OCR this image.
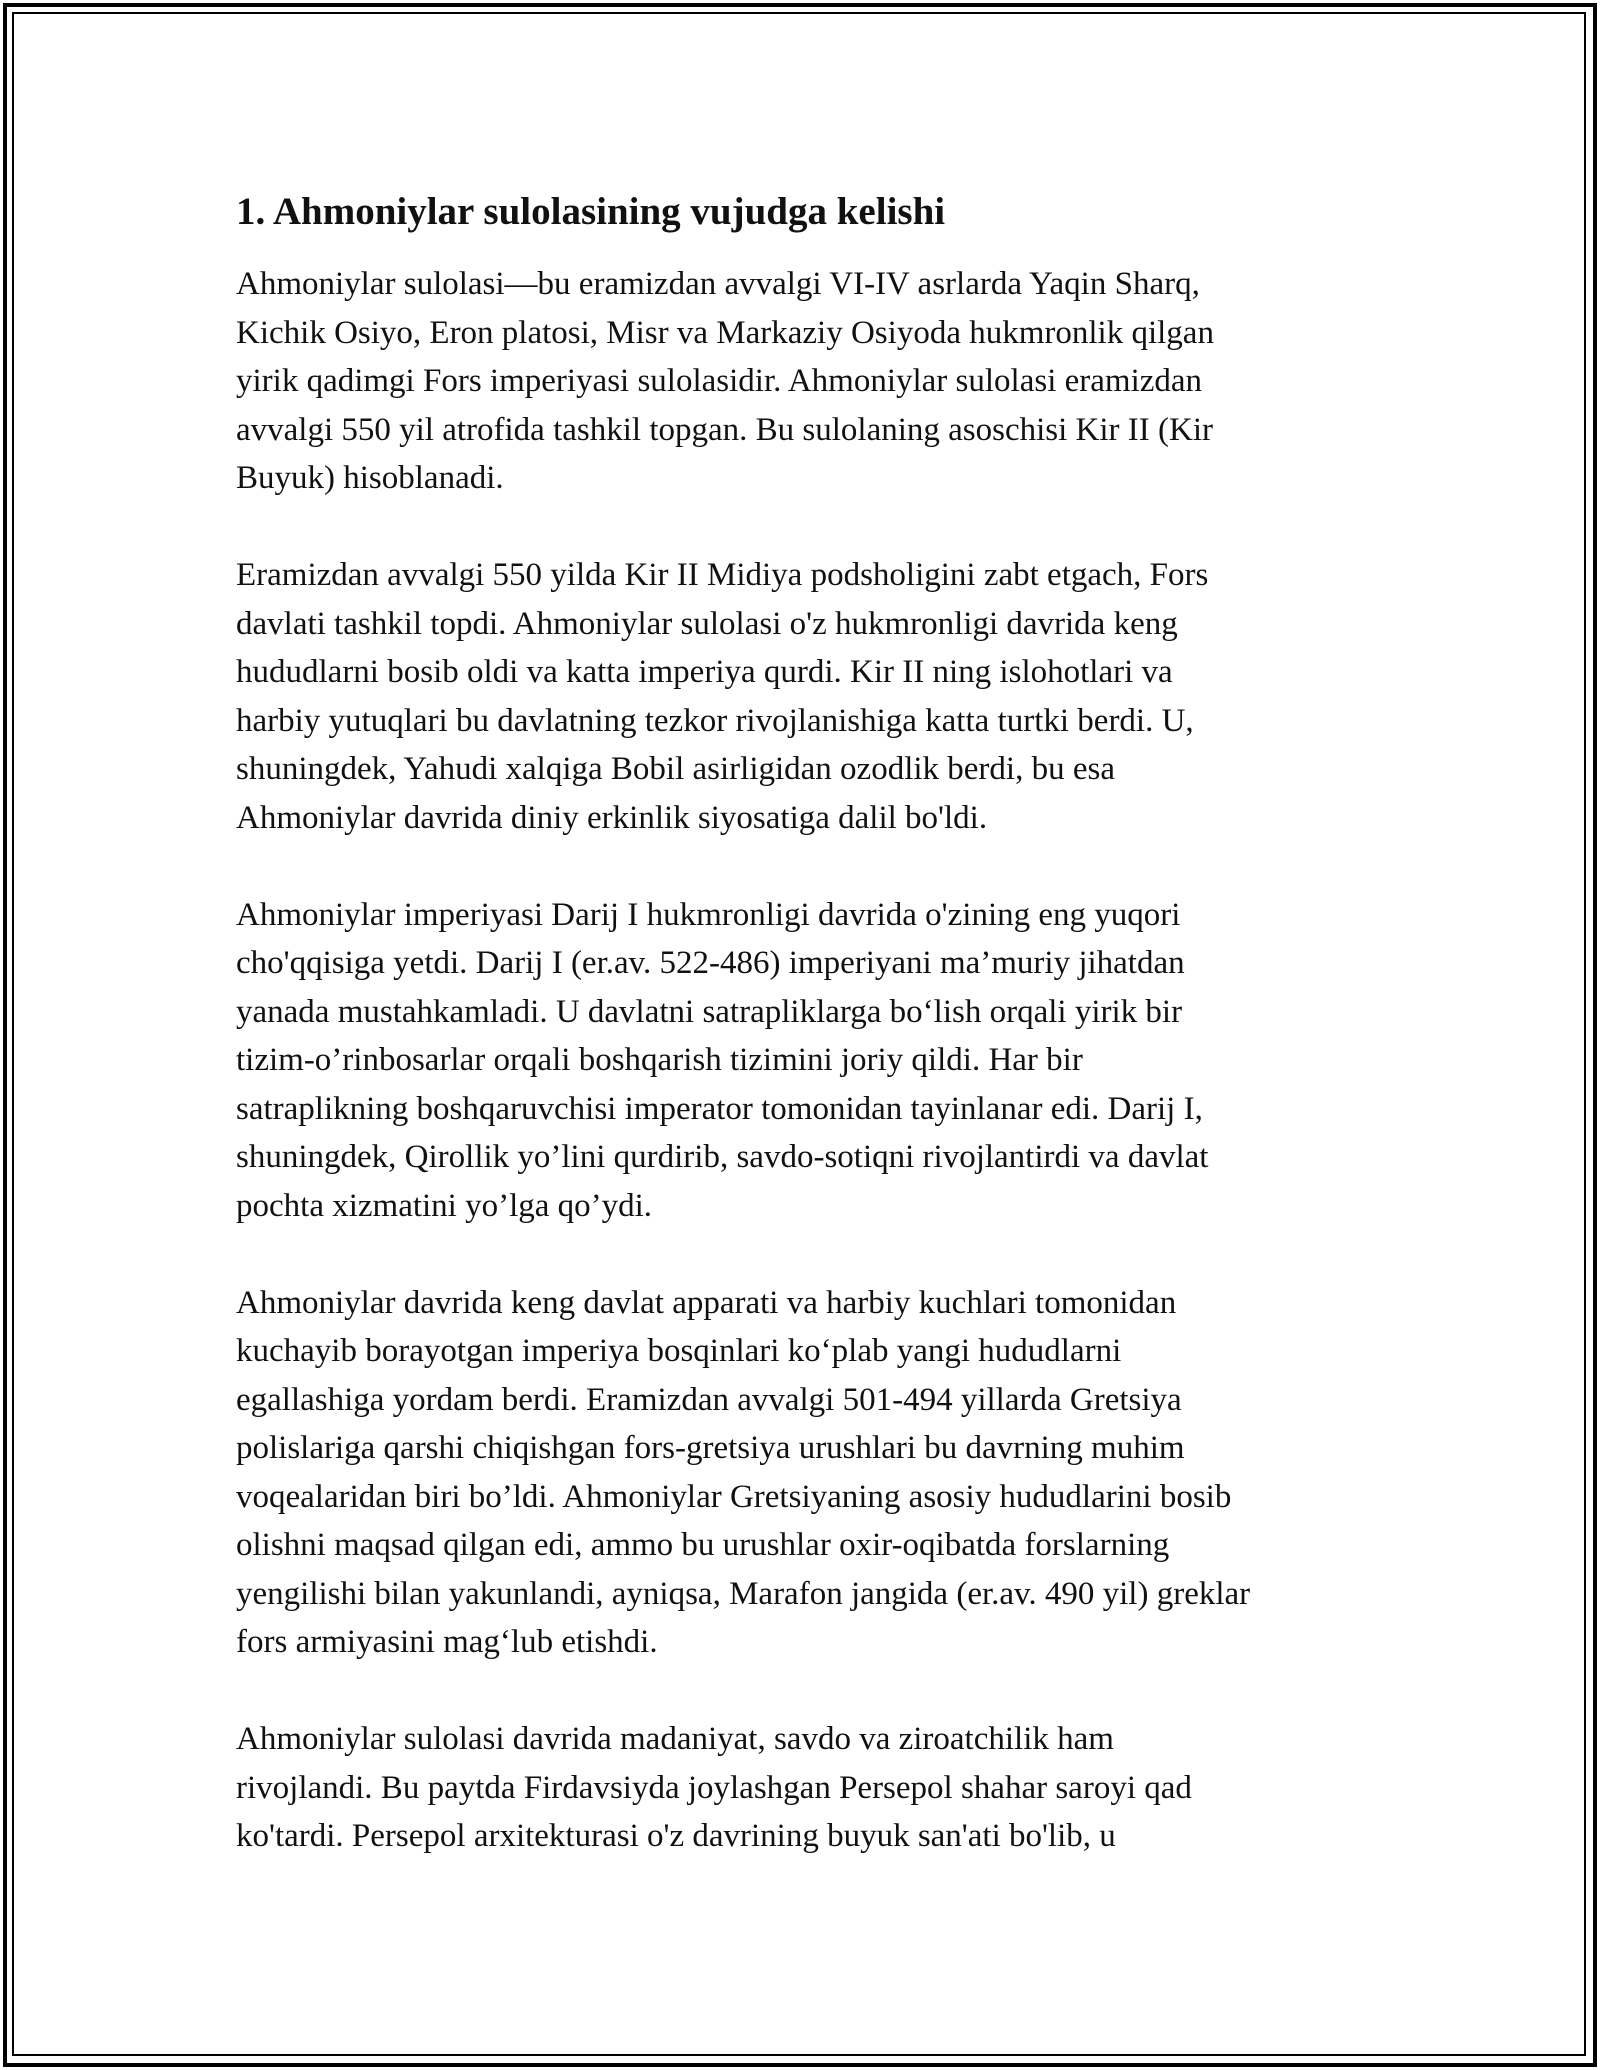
1. Ahmoniylar sulolasining vujudga kelishi
Ahmoniylar sulolasi—bu eramizdan avvalgi VI-IV asrlarda Yaqin Sharq,
Kichik Osiyo, Eron platosi, Misr va Markaziy Osiyoda hukmronlik qilgan
yirik qadimgi Fors imperiyasi sulolasidir. Ahmoniylar sulolasi eramizdan
avvalgi 550 yil atrofida tashkil topgan. Bu sulolaning asoschisi Kir II (Kir
Buyuk) hisoblanadi.
Eramizdan avvalgi 550 yilda Kir II Midiya podsholigini zabt etgach, Fors
davlati tashkil topdi. Ahmoniylar sulolasi o'z hukmronligi davrida keng
hududlarni bosib oldi va katta imperiya qurdi. Kir II ning islohotlari va
harbiy yutuqlari bu davlatning tezkor rivojlanishiga katta turtki berdi. U,
shuningdek, Yahudi xalqiga Bobil asirligidan ozodlik berdi, bu esa
Ahmoniylar davrida diniy erkinlik siyosatiga dalil bo'ldi.
Ahmoniylar imperiyasi Darij I hukmronligi davrida o'zining eng yuqori
cho'qqisiga yetdi. Darij I (er.av. 522-486) imperiyani ma’muriy jihatdan
yanada mustahkamladi. U davlatni satrapliklarga bo‘lish orqali yirik bir
tizim-o’rinbosarlar orqali boshqarish tizimini joriy qildi. Har bir
satraplikning boshqaruvchisi imperator tomonidan tayinlanar edi. Darij I,
shuningdek, Qirollik yo’lini qurdirib, savdo-sotiqni rivojlantirdi va davlat
pochta xizmatini yo’lga qo’ydi.
Ahmoniylar davrida keng davlat apparati va harbiy kuchlari tomonidan
kuchayib borayotgan imperiya bosqinlari ko‘plab yangi hududlarni
egallashiga yordam berdi. Eramizdan avvalgi 501-494 yillarda Gretsiya
polislariga qarshi chiqishgan fors-gretsiya urushlari bu davrning muhim
voqealaridan biri bo’ldi. Ahmoniylar Gretsiyaning asosiy hududlarini bosib
olishni maqsad qilgan edi, ammo bu urushlar oxir-oqibatda forslarning
yengilishi bilan yakunlandi, ayniqsa, Marafon jangida (er.av. 490 yil) greklar
fors armiyasini mag‘lub etishdi.
Ahmoniylar sulolasi davrida madaniyat, savdo va ziroatchilik ham
rivojlandi. Bu paytda Firdavsiyda joylashgan Persepol shahar saroyi qad
ko'tardi. Persepol arxitekturasi o'z davrining buyuk san'ati bo'lib, u
